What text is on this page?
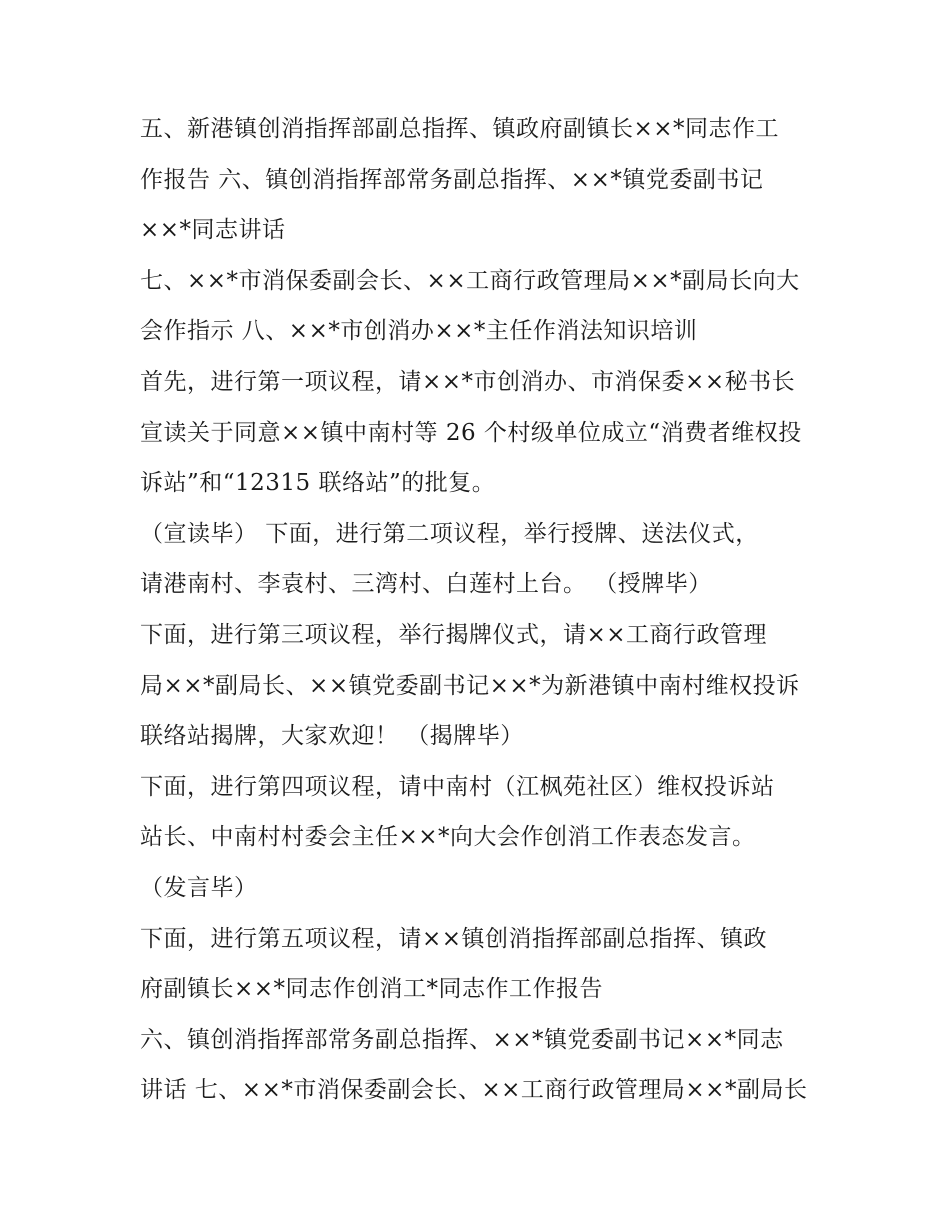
五、新港镇创消指挥部副总指挥、镇政府副镇长××*同志作工
作报告 六、镇创消指挥部常务副总指挥、××*镇党委副书记
××*同志讲话
七、××*市消保委副会长、××工商行政管理局××*副局长向大
会作指示 八、××*市创消办××*主任作消法知识培训
首先，进行第一项议程，请××*市创消办、市消保委××秘书长
宣读关于同意××镇中南村等 26 个村级单位成立“消费者维权投
诉站”和“12315 联络站”的批复。
（宣读毕） 下面，进行第二项议程，举行授牌、送法仪式，
请港南村、李袁村、三湾村、白莲村上台。 （授牌毕）
下面，进行第三项议程，举行揭牌仪式，请××工商行政管理
局××*副局长、××镇党委副书记××*为新港镇中南村维权投诉
联络站揭牌，大家欢迎！ （揭牌毕）
下面，进行第四项议程，请中南村（江枫苑社区）维权投诉站
站长、中南村村委会主任××*向大会作创消工作表态发言。
（发言毕）
下面，进行第五项议程，请××镇创消指挥部副总指挥、镇政
府副镇长××*同志作创消工*同志作工作报告
六、镇创消指挥部常务副总指挥、××*镇党委副书记××*同志
讲话 七、××*市消保委副会长、××工商行政管理局××*副局长
